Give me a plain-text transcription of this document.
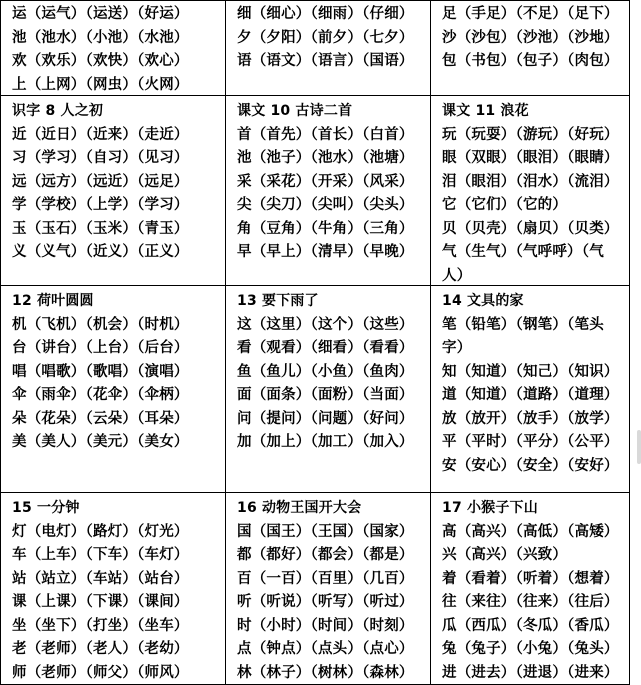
运（运气）（运送）（好运）
池（池水）（小池）（水池）
欢（欢乐）（欢快）（欢心）
上（上网）（网虫）（火网）
细（细心）（细雨）（仔细）
夕（夕阳）（前夕）（七夕）
语（语文）（语言）（国语）
足（手足）（不足）（足下）
沙（沙包）（沙池）（沙地）
包（书包）（包子）（肉包）
识字 8 人之初
近（近日）（近来）（走近）
习（学习）（自习）（见习）
远（远方）（远近）（远足）
学（学校）（上学）（学习）
玉（玉石）（玉米）（青玉）
义（义气）（近义）（正义）
课文 10 古诗二首
首（首先）（首长）（白首）
池（池子）（池水）（池塘）
采（采花）（开采）（风采）
尖（尖刀）（尖叫）（尖头）
角（豆角）（牛角）（三角）
早（早上）（清早）（早晚）
课文 11 浪花
玩（玩耍）（游玩）（好玩）
眼（双眼）（眼泪）（眼睛）
泪（眼泪）（泪水）（流泪）
它（它们）（它的）
贝（贝壳）（扇贝）（贝类）
气（生气）（气呼呼）（气人）
12 荷叶圆圆
机（飞机）（机会）（时机）
台（讲台）（上台）（后台）
唱（唱歌）（歌唱）（演唱）
伞（雨伞）（花伞）（伞柄）
朵（花朵）（云朵）（耳朵）
美（美人）（美元）（美女）
13 要下雨了
这（这里）（这个）（这些）
看（观看）（细看）（看看）
鱼（鱼儿）（小鱼）（鱼肉）
面（面条）（面粉）（当面）
问（提问）（问题）（好问）
加（加上）（加工）（加入）
14 文具的家
笔（铅笔）（钢笔）（笔头字）
知（知道）（知己）（知识）
道（知道）（道路）（道理）
放（放开）（放手）（放学）
平（平时）（平分）（公平）
安（安心）（安全）（安好）
15 一分钟
灯（电灯）（路灯）（灯光）
车（上车）（下车）（车灯）
站（站立）（车站）（站台）
课（上课）（下课）（课间）
坐（坐下）（打坐）（坐车）
老（老师）（老人）（老幼）
师（老师）（师父）（师风）
16 动物王国开大会
国（国王）（王国）（国家）
都（都好）（都会）（都是）
百（一百）（百里）（几百）
听（听说）（听写）（听过）
时（小时）（时间）（时刻）
点（钟点）（点头）（点心）
林（林子）（树林）（森林）
17 小猴子下山
高（高兴）（高低）（高矮）
兴（高兴）（兴致）
着（看着）（听着）（想着）
往（来往）（往来）（往后）
瓜（西瓜）（冬瓜）（香瓜）
兔（兔子）（小兔）（兔头）
进（进去）（进退）（进来）
